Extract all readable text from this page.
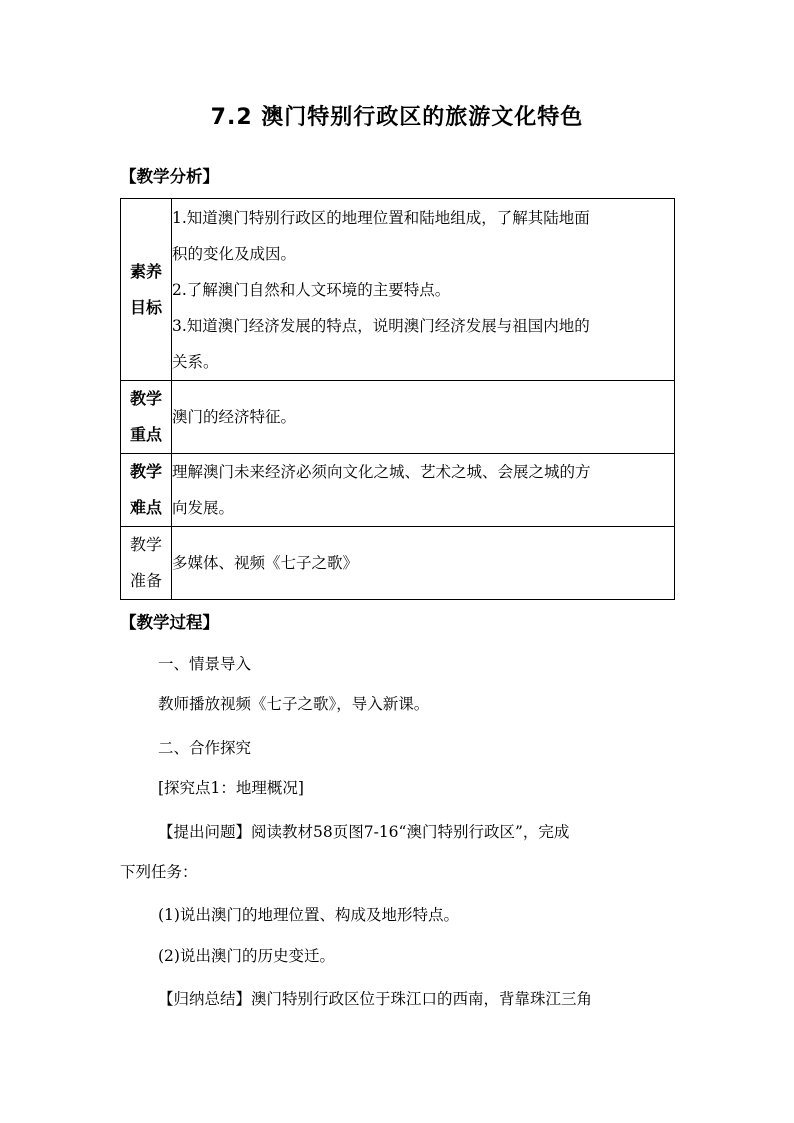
7.2 澳门特别行政区的旅游文化特色
【教学分析】
素养
目标	1.知道澳门特别行政区的地理位置和陆地组成，了解其陆地面
积的变化及成因。
2.了解澳门自然和人文环境的主要特点。
3.知道澳门经济发展的特点，说明澳门经济发展与祖国内地的
关系。

教学
重点	澳门的经济特征。

教学
难点	理解澳门未来经济必须向文化之城、艺术之城、会展之城的方
向发展。

教学
准备	多媒体、视频《七子之歌》
【教学过程】
一、情景导入
教师播放视频《七子之歌》，导入新课。
二、合作探究
[探究点1：地理概况]
【提出问题】阅读教材58页图7-16“澳门特别行政区”，完成
下列任务：
(1)说出澳门的地理位置、构成及地形特点。
(2)说出澳门的历史变迁。
【归纳总结】澳门特别行政区位于珠江口的西南，背靠珠江三角
